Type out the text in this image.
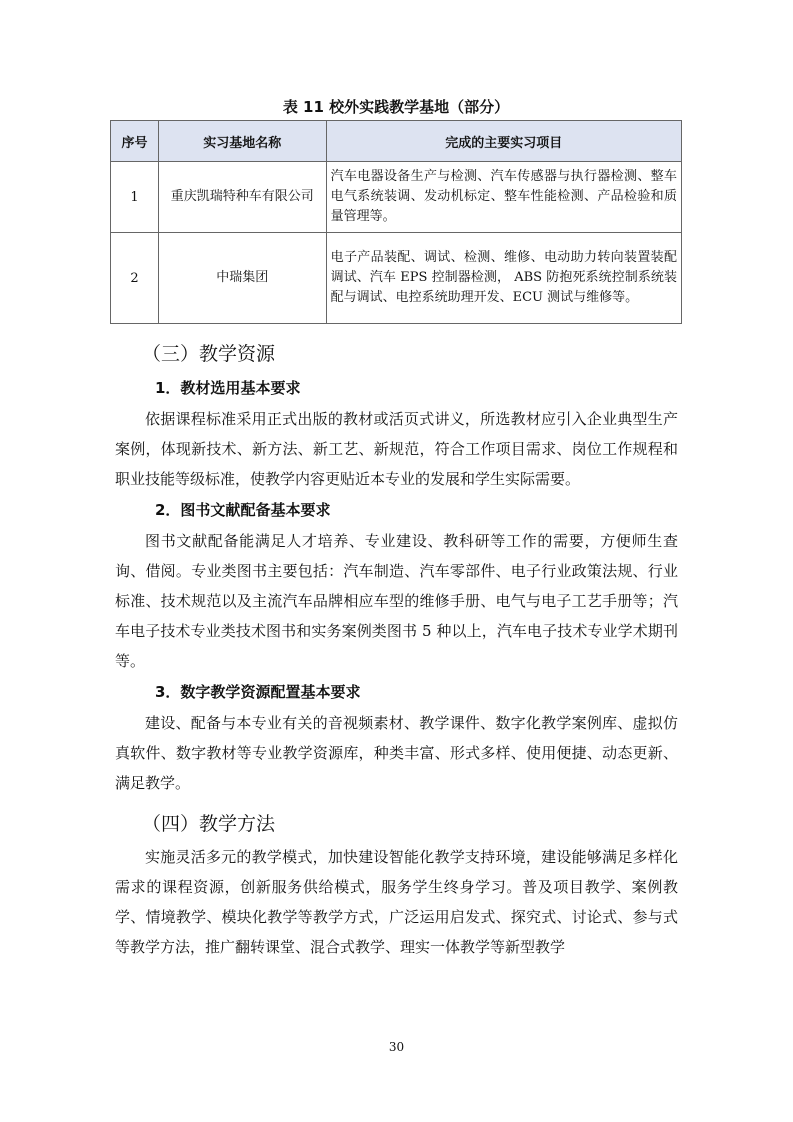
表 11 校外实践教学基地（部分）
序号	实习基地名称	完成的主要实习项目
1	重庆凯瑞特种车有限公司	汽车电器设备生产与检测、汽车传感器与执行器检测、整车电气系统装调、发动机标定、整车性能检测、产品检验和质量管理等。
2	中瑞集团	电子产品装配、调试、检测、维修、电动助力转向装置装配调试、汽车 EPS 控制器检测， ABS 防抱死系统控制系统装配与调试、电控系统助理开发、ECU 测试与维修等。
（三）教学资源
1．教材选用基本要求

依据课程标准采用正式出版的教材或活页式讲义，所选教材应引入企业典型生产案例，体现新技术、新方法、新工艺、新规范，符合工作项目需求、岗位工作规程和职业技能等级标准，使教学内容更贴近本专业的发展和学生实际需要。

2．图书文献配备基本要求

图书文献配备能满足人才培养、专业建设、教科研等工作的需要，方便师生查询、借阅。专业类图书主要包括：汽车制造、汽车零部件、电子行业政策法规、行业标准、技术规范以及主流汽车品牌相应车型的维修手册、电气与电子工艺手册等；汽车电子技术专业类技术图书和实务案例类图书 5 种以上，汽车电子技术专业学术期刊等。

3．数字教学资源配置基本要求

建设、配备与本专业有关的音视频素材、教学课件、数字化教学案例库、虚拟仿真软件、数字教材等专业教学资源库，种类丰富、形式多样、使用便捷、动态更新、满足教学。

（四）教学方法

实施灵活多元的教学模式，加快建设智能化教学支持环境，建设能够满足多样化需求的课程资源，创新服务供给模式，服务学生终身学习。普及项目教学、案例教学、情境教学、模块化教学等教学方式，广泛运用启发式、探究式、讨论式、参与式等教学方法，推广翻转课堂、混合式教学、理实一体教学等新型教学

30
